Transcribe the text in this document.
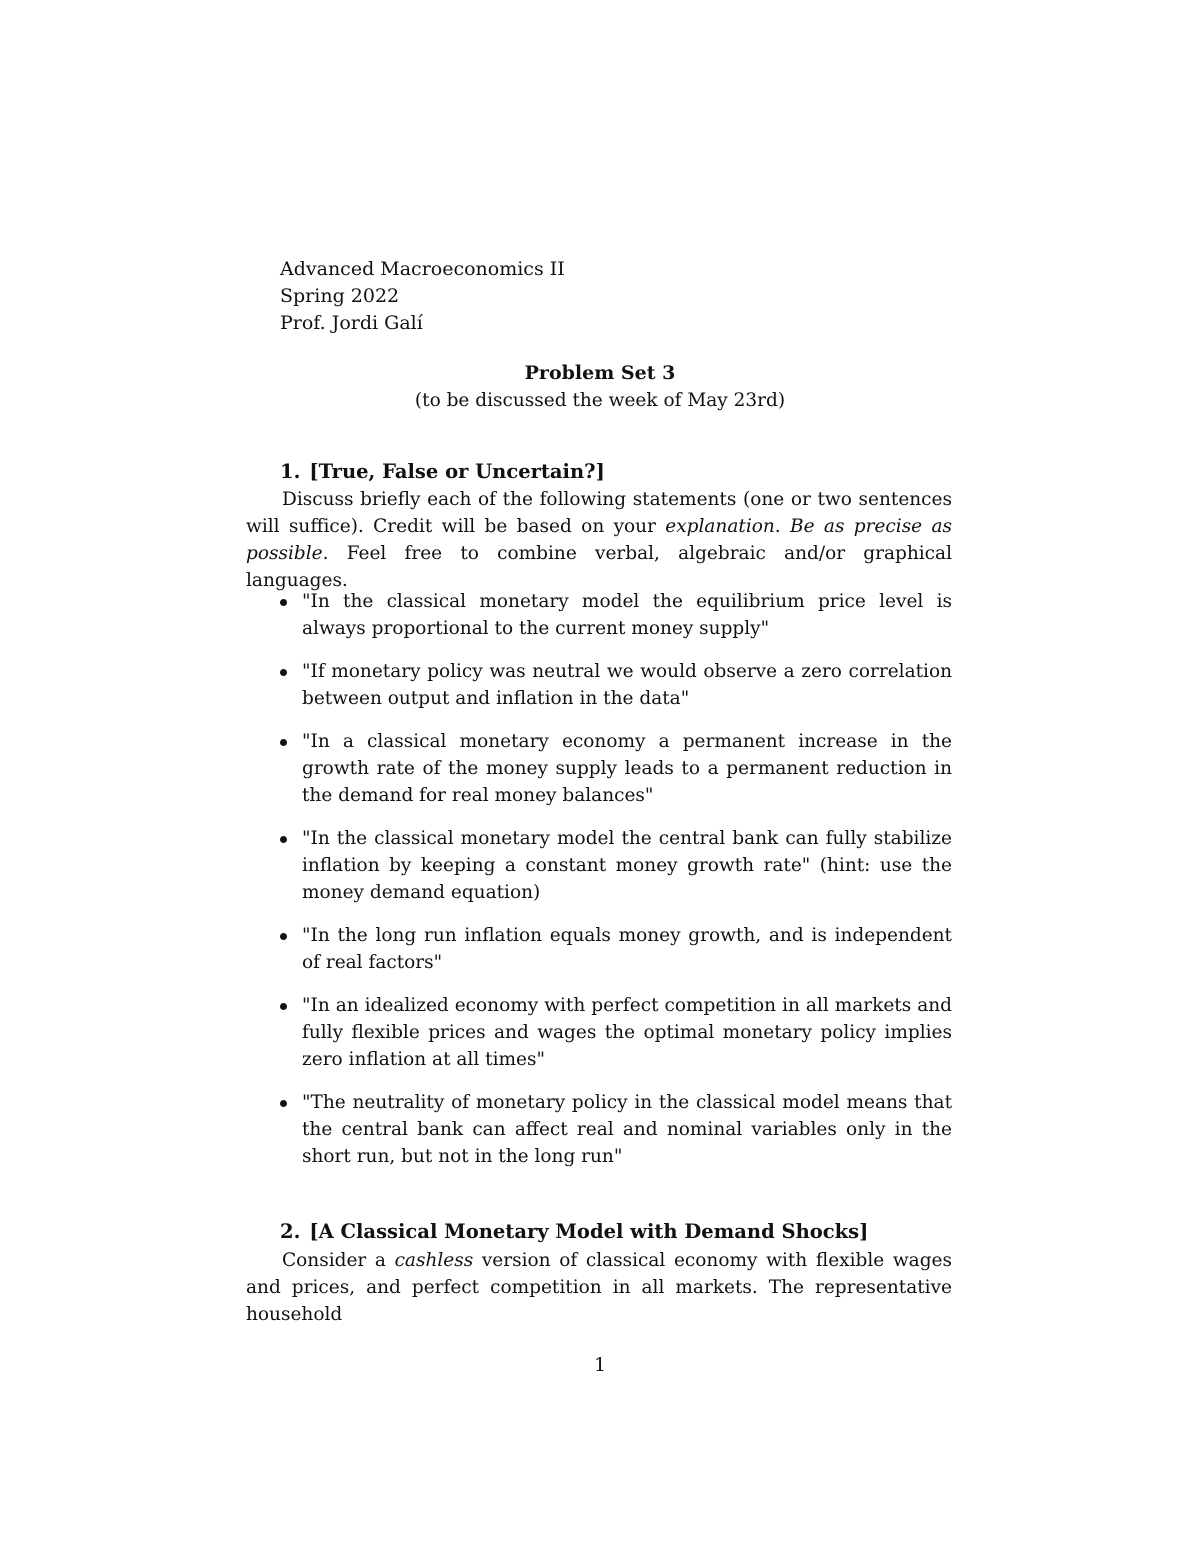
Advanced Macroeconomics II
Spring 2022
Prof. Jordi Galí
Problem Set 3
(to be discussed the week of May 23rd)
1. [True, False or Uncertain?]
Discuss briefly each of the following statements (one or two sentences will suffice). Credit will be based on your explanation. Be as precise as possible. Feel free to combine verbal, algebraic and/or graphical languages.
"In the classical monetary model the equilibrium price level is always proportional to the current money supply"
"If monetary policy was neutral we would observe a zero correlation between output and inflation in the data"
"In a classical monetary economy a permanent increase in the growth rate of the money supply leads to a permanent reduction in the demand for real money balances"
"In the classical monetary model the central bank can fully stabilize inflation by keeping a constant money growth rate" (hint: use the money demand equation)
"In the long run inflation equals money growth, and is independent of real factors"
"In an idealized economy with perfect competition in all markets and fully flexible prices and wages the optimal monetary policy implies zero inflation at all times"
"The neutrality of monetary policy in the classical model means that the central bank can affect real and nominal variables only in the short run, but not in the long run"
2. [A Classical Monetary Model with Demand Shocks]
Consider a cashless version of classical economy with flexible wages and prices, and perfect competition in all markets. The representative household
1
